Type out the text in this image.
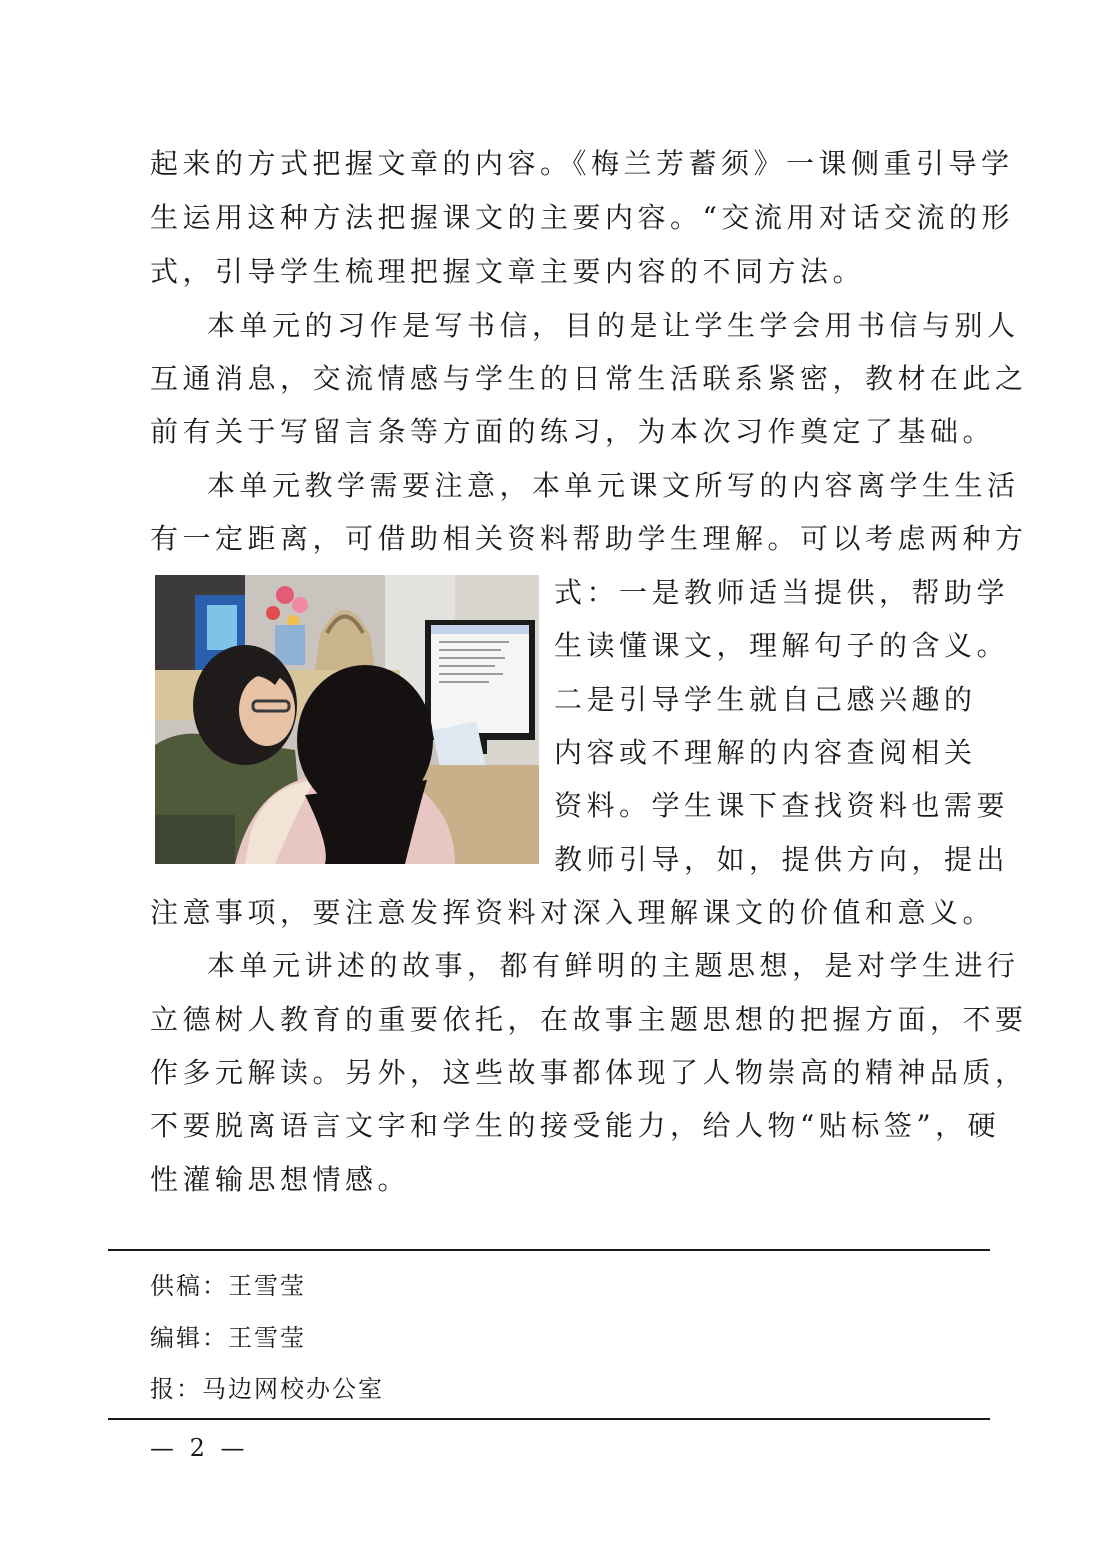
起来的方式把握文章的内容。《梅兰芳蓄须》一课侧重引导学
生运用这种方法把握课文的主要内容。“交流用对话交流的形
式，引导学生梳理把握文章主要内容的不同方法。
本单元的习作是写书信，目的是让学生学会用书信与别人
互通消息，交流情感与学生的日常生活联系紧密，教材在此之
前有关于写留言条等方面的练习，为本次习作奠定了基础。
本单元教学需要注意，本单元课文所写的内容离学生生活
有一定距离，可借助相关资料帮助学生理解。可以考虑两种方
式：一是教师适当提供，帮助学
生读懂课文，理解句子的含义。
二是引导学生就自己感兴趣的
内容或不理解的内容查阅相关
资料。学生课下查找资料也需要
教师引导，如，提供方向，提出
注意事项，要注意发挥资料对深入理解课文的价值和意义。
本单元讲述的故事，都有鲜明的主题思想，是对学生进行
立德树人教育的重要依托，在故事主题思想的把握方面，不要
作多元解读。另外，这些故事都体现了人物崇高的精神品质，
不要脱离语言文字和学生的接受能力，给人物“贴标签”，硬
性灌输思想情感。
供稿：王雪莹
编辑：王雪莹
报：马边网校办公室
— 2 —
